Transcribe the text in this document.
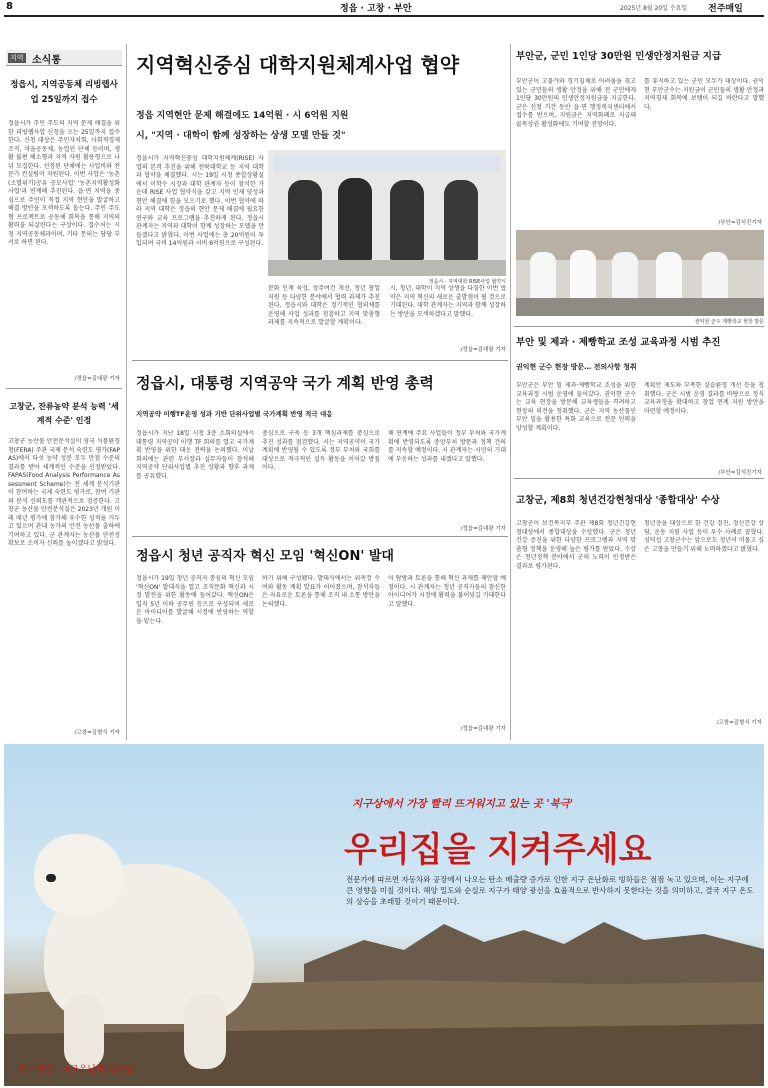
8	정읍 · 고창 · 부안	2025년 8월 20일 수요일 전주매일
지역 소식통
정읍시, 지역공동체 리빙랩사업 25일까지 접수
정읍시가 주민 주도의 지역 문제 해결을 위한 리빙랩사업 신청을 오는 25일까지 접수한다. 신청 대상은 주민자치회, 사회적경제 조직, 마을공동체, 농업인 단체 등이며, 생활 불편 해소형과 지역 자원 활용형으로 나눠 모집한다. 선정된 단체에는 사업비와 전문가 컨설팅이 지원된다. 이번 사업은 '농촌(소멸위기)공유 공모사업' '농촌지역활성화 사업'과 연계해 추진된다. 읍·면 지역을 중심으로 주민이 직접 지역 현안을 발굴하고 해결 방안을 모색하도록 돕는다. 주민 주도형 프로젝트로 공동체 회복을 통해 지역의 활력을 되살린다는 구상이다. 접수처는 시청 지역공동체과이며, 기타 문의는 담당 부서로 하면 된다.
/정읍=김대광 기자
고창군, 잔류농약 분석 능력 '세계적 수준' 인정
고창군 농산물 안전분석실이 영국 식품환경청(FERA) 주관 국제 분석 숙련도 평가(FAPAS)에서 다섯 농약 성분 모두 만점 수준의 결과를 받아 세계적인 수준을 인정받았다. FAPAS(Food Analysis Performance Assessment Scheme)는 전 세계 분석기관이 참여하는 국제 숙련도 평가로, 참여 기관의 분석 신뢰도를 객관적으로 검증한다. 고창군 농산물 안전분석실은 2023년 개원 이래 매년 평가에 참가해 우수한 성적을 거두고 있으며 관내 농가의 안전 농산물 출하에 기여하고 있다. 군 관계자는 농산물 안전성 확보로 소비자 신뢰를 높이겠다고 밝혔다.
/고창=김형식 기자
지역혁신중심 대학지원체계사업 협약
정읍 지역현안 문제 해결에도 14억원 · 시 6억원 지원
시, "지역 · 대학이 함께 성장하는 상생 모델 만들 것"
정읍시가 지역혁신중심 대학지원체계(RISE) 사업의 본격 추진을 위해 전북대학교 등 지역 대학과 협약을 체결했다. 시는 19일 시청 종합상황실에서 이학수 시장과 대학 관계자 등이 참석한 가운데 RISE 사업 협약식을 갖고 지역 인재 양성과 현안 해결에 힘을 모으기로 했다. 이번 협약에 따라 지역 대학은 정읍의 현안 문제 해결에 필요한 연구와 교육 프로그램을 추진하게 된다. 정읍시 관계자는 지역과 대학이 함께 성장하는 모델을 만들겠다고 밝혔다. 이번 사업에는 총 20억원이 투입되며 국비 14억원과 시비 6억원으로 구성된다.
정읍시 · 지역대학 RISE사업 협약식
문화 인재 육성, 정주여건 개선, 청년 창업 지원 등 다양한 분야에서 협력 과제가 추진된다. 정읍시와 대학은 정기적인 협의체를 운영해 사업 성과를 점검하고 지역 맞춤형 과제를 지속적으로 발굴할 계획이다.
시, 청년, 대학이 지역 상생을 다짐한 이번 협약은 지역 혁신의 새로운 출발점이 될 것으로 기대된다. 대학 관계자는 지역과 함께 성장하는 방안을 모색하겠다고 말했다.
/정읍=김대광 기자
정읍시, 대통령 지역공약 국가 계획 반영 총력
지역공약 이행TF운영 성과 기반 단위사업별 국가계획 반영 적극 대응
정읍시가 지난 18일 시청 3층 소회의실에서 대통령 지역공약 이행 TF 회의를 열고 국가계획 반영을 위한 대응 전략을 논의했다. 이날 회의에는 관련 부서장과 실무자들이 참석해 지역공약 단위사업별 추진 상황과 향후 과제를 공유했다.
중심으로 구축 등 3개 핵심과제를 중심으로 추진 성과를 점검했다. 시는 지역공약이 국가계획에 반영될 수 있도록 정부 부처와 국회를 대상으로 적극적인 설득 활동을 이어갈 방침이다.
해 연계에 주요 사업들이 정부 부처와 국가계획에 반영되도록 중앙부처 방문과 정책 건의를 지속할 예정이다. 시 관계자는 시민의 기대에 부응하는 성과를 내겠다고 말했다.
/정읍=김대광 기자
정읍시 청년 공직자 혁신 모임 '혁신ON' 발대
정읍시가 19일 청년 공직자 중심의 혁신 모임 '혁신ON' 발대식을 열고 조직문화 혁신과 시정 발전을 위한 활동에 들어갔다. 혁신ON은 입직 5년 이하 공무원 등으로 구성되며 새로운 아이디어를 발굴해 시정에 반영하는 역할을 맡는다.
하기 위해 구성됐다. 발대식에서는 위촉장 수여와 활동 계획 발표가 이어졌으며, 참석자들은 자유로운 토론을 통해 조직 내 소통 방안을 논의했다.
이 탐방과 토론을 통해 혁신 과제를 제안할 예정이다. 시 관계자는 청년 공직자들의 참신한 아이디어가 시정에 활력을 불어넣길 기대한다고 말했다.
/정읍=김대광 기자
부안군, 군민 1인당 30만원 민생안정지원금 지급
부안군이 고물가와 경기침체로 어려움을 겪고 있는 군민들의 생활 안정을 위해 전 군민에게 1인당 30만원의 민생안정지원금을 지급한다. 군은 신청 기간 동안 읍·면 행정복지센터에서 접수를 받으며, 지원금은 지역화폐로 지급돼 골목상권 활성화에도 기여할 전망이다.
를 유지하고 있는 군민 모두가 대상이다. 권익현 부안군수는 지원금이 군민들의 생활 안정과 지역경제 회복에 보탬이 되길 바란다고 말했다.
/부안=김석진기자
권익현 군수 제빵학교 현장 방문
부안 및 제과 · 제빵학교 조성 교육과정 시범 추진
권익현 군수 현장 방문… 전의사항 청취
부안군은 부안 밀 제과·제빵학교 조성을 위한 교육과정 시범 운영에 들어갔다. 권익현 군수는 교육 현장을 방문해 교육생들을 격려하고 현장의 의견을 청취했다. 군은 지역 농산물인 부안 밀을 활용한 특화 교육으로 전문 인력을 양성할 계획이다.
계획안 제도와 부족한 실습환경 개선 등을 청취했다. 군은 시범 운영 결과를 바탕으로 정식 교육과정을 확대하고 창업 연계 지원 방안을 마련할 예정이다.
/부안=김석진기자
고창군, 제8회 청년건강현청대상 '종합대상' 수상
고창군이 보건복지부 주관 제8회 청년건강현청대상에서 종합대상을 수상했다. 군은 청년 건강 증진을 위한 다양한 프로그램과 지역 맞춤형 정책을 운영해 높은 평가를 받았다. 수상은 청년정책 분야에서 군의 노력이 인정받은 결과로 평가된다.
청년층을 대상으로 한 건강 검진, 정신건강 상담, 운동 지원 사업 등이 우수 사례로 꼽혔다. 심덕섭 고창군수는 앞으로도 청년이 머물고 싶은 고창을 만들기 위해 노력하겠다고 밝혔다.
/고창=김형식 기자
지구상에서 가장 빨리 뜨거워지고 있는 곳 '북극'
우리집을 지켜주세요
전문가에 따르면 자동차와 공장에서 나오는 탄소 배출량 증가로 인한 지구 온난화로 빙하들은 점점 녹고 있으며, 이는 지구에 큰 영향을 미칠 것이다. 해양 밀도와 순실로 지구가 태양 광선을 효율적으로 반사하지 못한다는 것을 의미하고, 결국 지구 온도의 상승을 초래할 것이기 때문이다.
전주매일 · 지구온난화 캠페인
